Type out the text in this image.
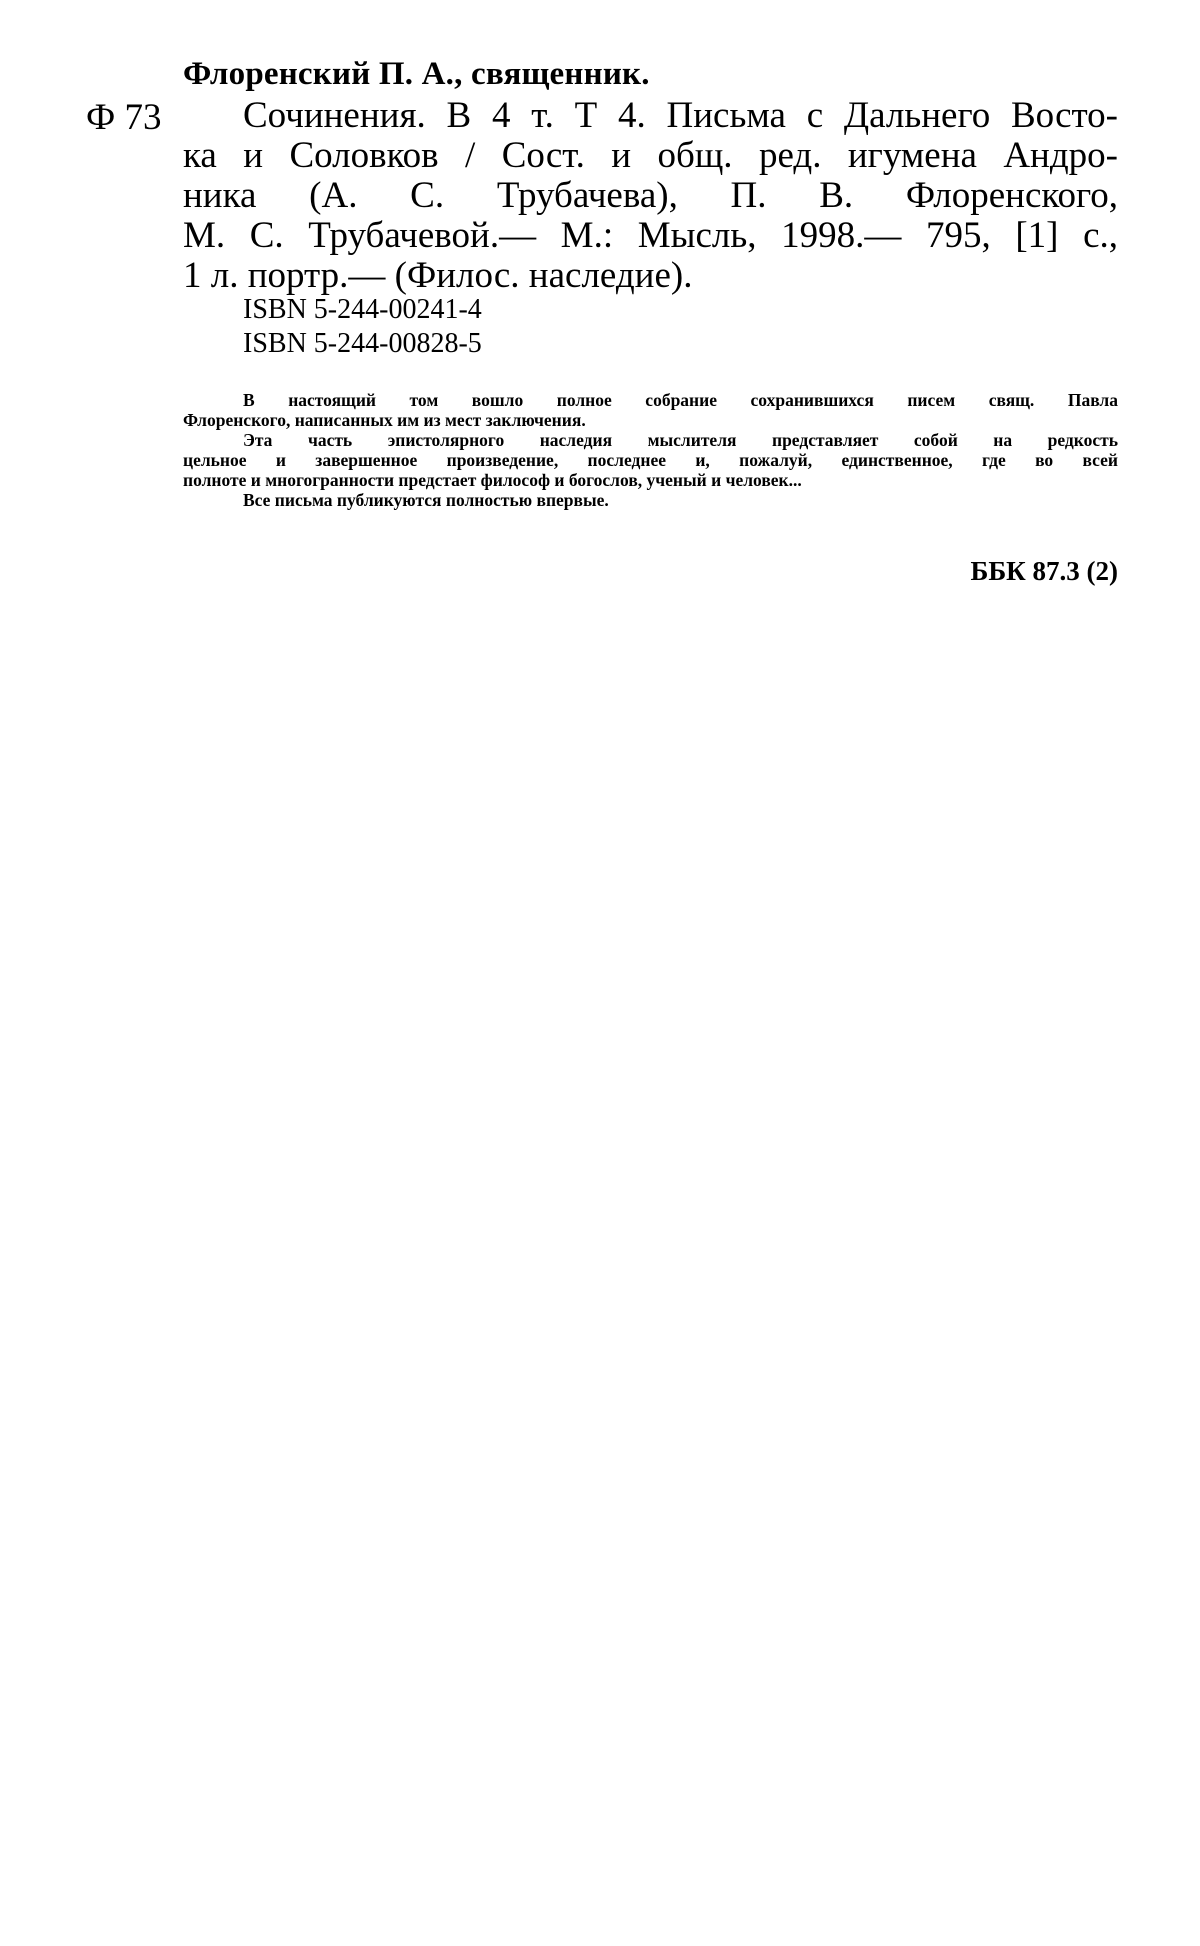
Флоренский П. А., священник.
Ф 73	Сочинения. В 4 т. Т 4. Письма с Дальнего Восто-
ка и Соловков / Сост. и общ. ред. игумена Андро-
ника (А. С. Трубачева), П. В. Флоренского,
М. С. Трубачевой.— М.: Мысль, 1998.— 795, [1] с.,
1 л. портр.— (Филос. наследие).
ISBN 5-244-00241-4
ISBN 5-244-00828-5
В настоящий том вошло полное собрание сохранившихся писем свящ. Павла
Флоренского, написанных им из мест заключения.
Эта часть эпистолярного наследия мыслителя представляет собой на редкость
цельное и завершенное произведение, последнее и, пожалуй, единственное, где во всей
полноте и многогранности предстает философ и богослов, ученый и человек...
Все письма публикуются полностью впервые.
ББК 87.3 (2)
